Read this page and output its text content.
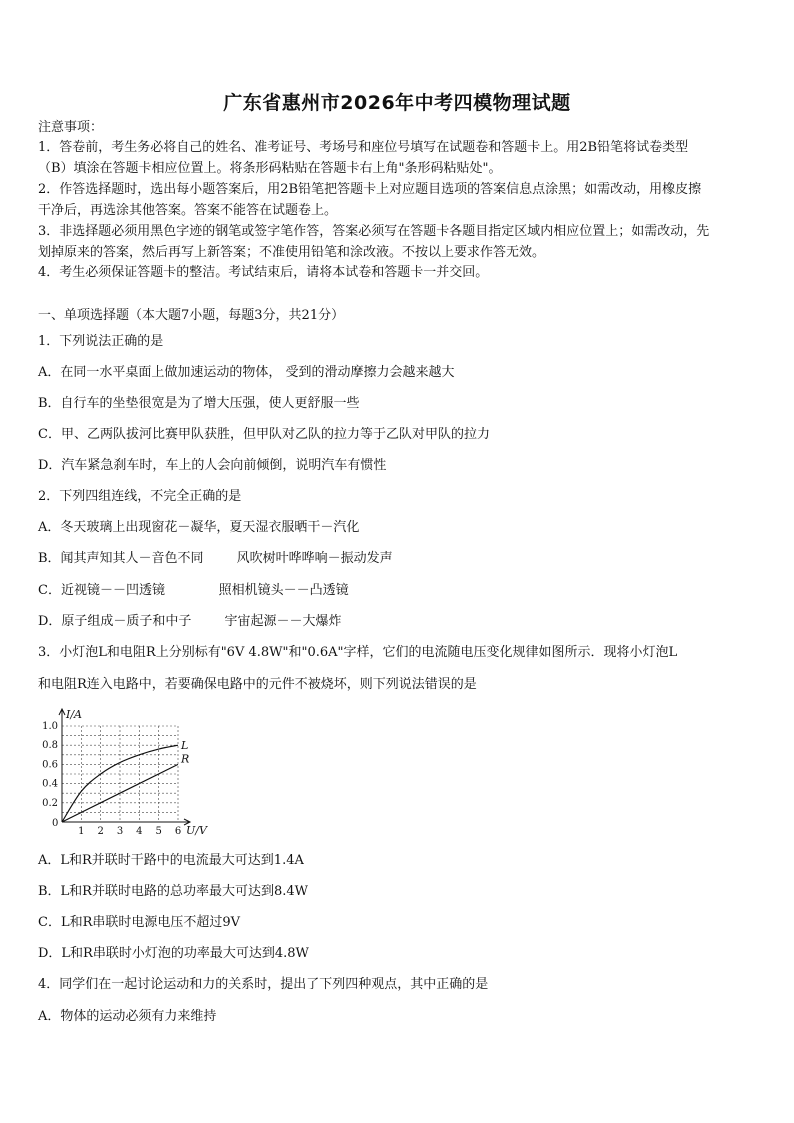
广东省惠州市2026年中考四模物理试题
注意事项：
1．答卷前，考生务必将自己的姓名、准考证号、考场号和座位号填写在试题卷和答题卡上。用2B铅笔将试卷类型
（B）填涂在答题卡相应位置上。将条形码粘贴在答题卡右上角"条形码粘贴处"。
2．作答选择题时，选出每小题答案后，用2B铅笔把答题卡上对应题目选项的答案信息点涂黑；如需改动，用橡皮擦
干净后，再选涂其他答案。答案不能答在试题卷上。
3．非选择题必须用黑色字迹的钢笔或签字笔作答，答案必须写在答题卡各题目指定区域内相应位置上；如需改动，先
划掉原来的答案，然后再写上新答案；不准使用铅笔和涂改液。不按以上要求作答无效。
4．考生必须保证答题卡的整洁。考试结束后，请将本试卷和答题卡一并交回。
一、单项选择题（本大题7小题，每题3分，共21分）
1．下列说法正确的是
A．在同一水平桌面上做加速运动的物体， 受到的滑动摩擦力会越来越大
B．自行车的坐垫很宽是为了增大压强，使人更舒服一些
C．甲、乙两队拔河比赛甲队获胜，但甲队对乙队的拉力等于乙队对甲队的拉力
D．汽车紧急刹车时，车上的人会向前倾倒，说明汽车有惯性
2．下列四组连线，不完全正确的是
A．冬天玻璃上出现窗花－凝华，夏天湿衣服晒干－汽化
B．闻其声知其人－音色不同        风吹树叶哗哗响－振动发声
C．近视镜－－凹透镜             照相机镜头－－凸透镜
D．原子组成－质子和中子        宇宙起源－－大爆炸
3．小灯泡L和电阻R上分别标有"6V 4.8W"和"0.6A"字样，它们的电流随电压变化规律如图所示．现将小灯泡L
和电阻R连入电路中，若要确保电路中的元件不被烧坏，则下列说法错误的是
I/A
U/V
0
0.2
0.4
0.6
0.8
1.0
1 2 3 4 5 6
L
R
A．L和R并联时干路中的电流最大可达到1.4A
B．L和R并联时电路的总功率最大可达到8.4W
C．L和R串联时电源电压不超过9V
D．L和R串联时小灯泡的功率最大可达到4.8W
4．同学们在一起讨论运动和力的关系时，提出了下列四种观点，其中正确的是
A．物体的运动必须有力来维持
